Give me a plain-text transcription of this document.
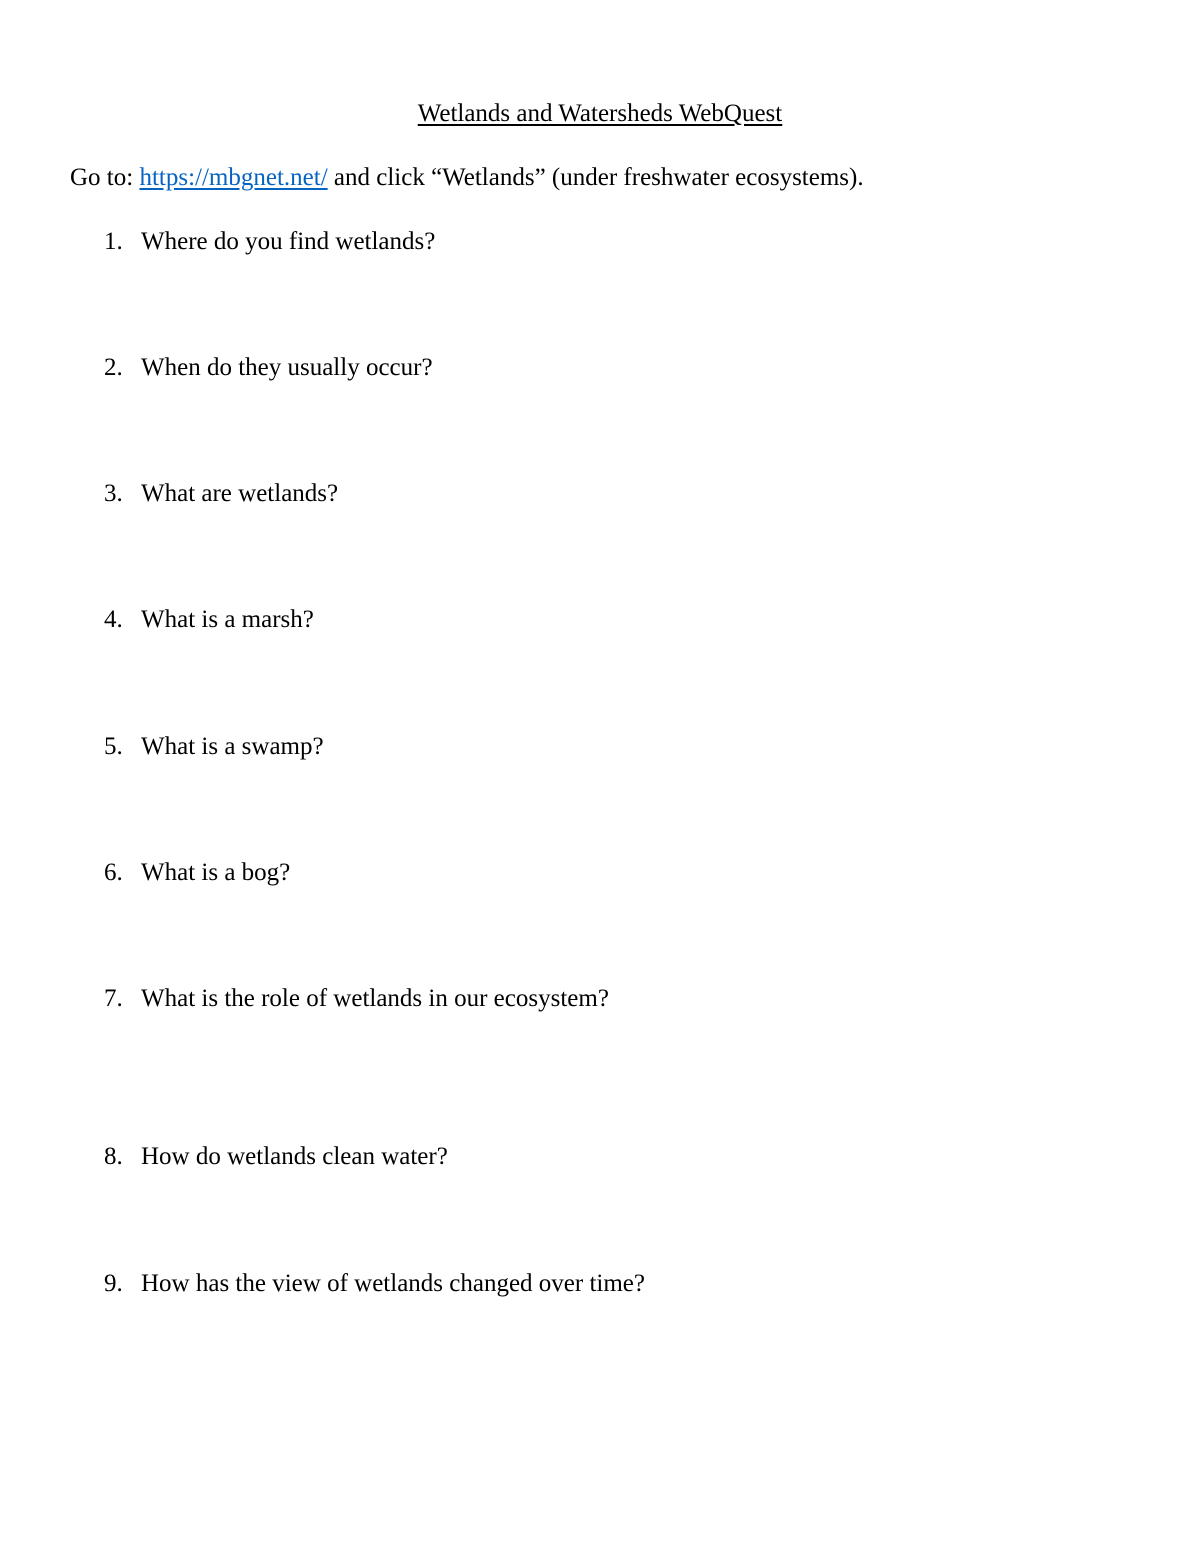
Wetlands and Watersheds WebQuest
Go to: https://mbgnet.net/ and click “Wetlands” (under freshwater ecosystems).
1. Where do you find wetlands?
2. When do they usually occur?
3. What are wetlands?
4. What is a marsh?
5. What is a swamp?
6. What is a bog?
7. What is the role of wetlands in our ecosystem?
8. How do wetlands clean water?
9. How has the view of wetlands changed over time?
